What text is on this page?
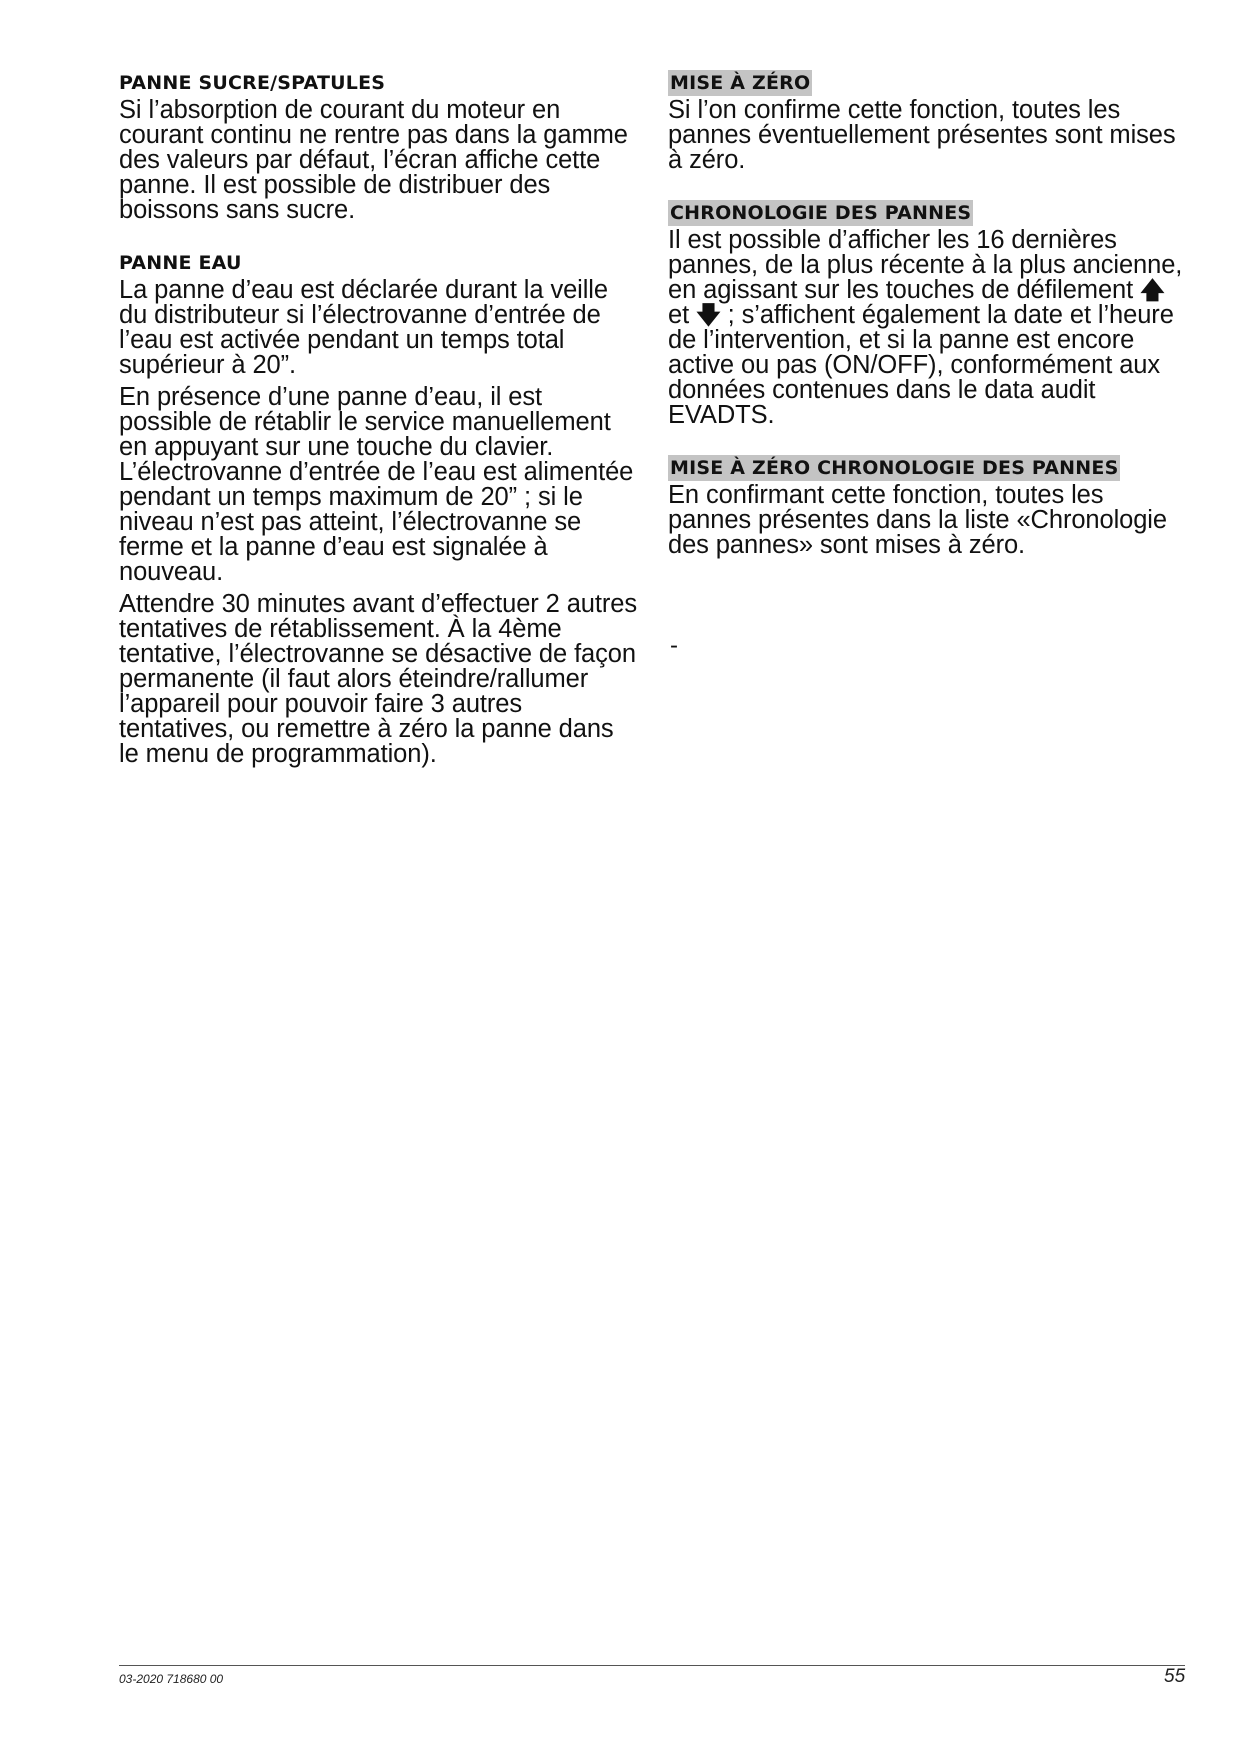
PANNE SUCRE/SPATULES

Si l’absorption de courant du moteur en courant continu ne rentre pas dans la gamme des valeurs par défaut, l’écran affiche cette panne. Il est possible de distribuer des boissons sans sucre.

PANNE EAU

La panne d’eau est déclarée durant la veille du distributeur si l’électrovanne d’entrée de l’eau est activée pendant un temps total supérieur à 20”.

En présence d’une panne d’eau, il est possible de rétablir le service manuellement en appuyant sur une touche du clavier. L’électrovanne d’entrée de l’eau est alimentée pendant un temps maximum de 20” ; si le niveau n’est pas atteint, l’électrovanne se ferme et la panne d’eau est signalée à nouveau.

Attendre 30 minutes avant d’effectuer 2 autres tentatives de rétablissement. À la 4ème tentative, l’électrovanne se désactive de façon permanente (il faut alors éteindre/rallumer l’appareil pour pouvoir faire 3 autres tentatives, ou remettre à zéro la panne dans le menu de programmation).

MISE À ZÉRO

Si l’on confirme cette fonction, toutes les pannes éventuellement présentes sont mises à zéro.

CHRONOLOGIE DES PANNES

Il est possible d’afficher les 16 dernières pannes, de la plus récente à la plus ancienne, en agissant sur les touches de défilement 🡅 et 🡇 ; s’affichent également la date et l’heure de l’intervention, et si la panne est encore active ou pas (ON/OFF), conformément aux données contenues dans le data audit EVADTS.

MISE À ZÉRO CHRONOLOGIE DES PANNES

En confirmant cette fonction, toutes les pannes présentes dans la liste «Chronologie des pannes» sont mises à zéro.

-
03-2020 718680 00	55
